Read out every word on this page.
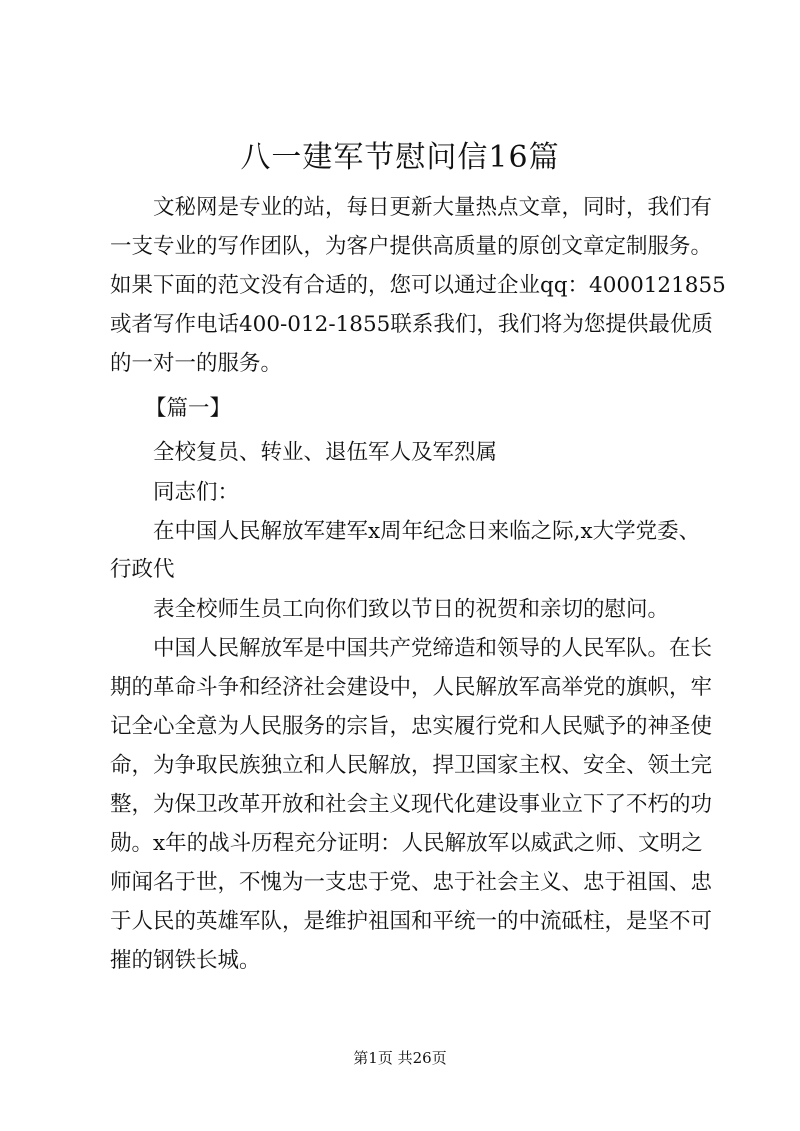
八一建军节慰问信16篇
文秘网是专业的站，每日更新大量热点文章，同时，我们有
一支专业的写作团队，为客户提供高质量的原创文章定制服务。
如果下面的范文没有合适的，您可以通过企业qq：4000121855
或者写作电话400-012-1855联系我们，我们将为您提供最优质
的一对一的服务。
【篇一】
全校复员、转业、退伍军人及军烈属
同志们：
在中国人民解放军建军x周年纪念日来临之际,x大学党委、
行政代
表全校师生员工向你们致以节日的祝贺和亲切的慰问。
中国人民解放军是中国共产党缔造和领导的人民军队。在长
期的革命斗争和经济社会建设中，人民解放军高举党的旗帜，牢
记全心全意为人民服务的宗旨，忠实履行党和人民赋予的神圣使
命，为争取民族独立和人民解放，捍卫国家主权、安全、领土完
整，为保卫改革开放和社会主义现代化建设事业立下了不朽的功
勋。x年的战斗历程充分证明：人民解放军以威武之师、文明之
师闻名于世，不愧为一支忠于党、忠于社会主义、忠于祖国、忠
于人民的英雄军队，是维护祖国和平统一的中流砥柱，是坚不可
摧的钢铁长城。
第1页 共26页
